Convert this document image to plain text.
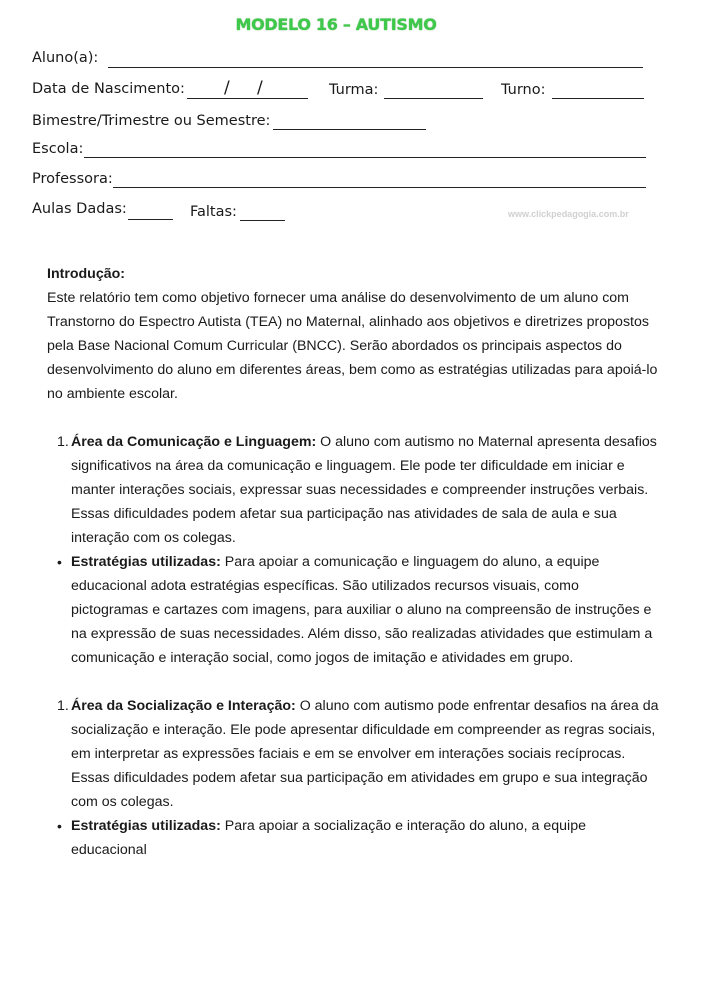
MODELO 16 – AUTISMO
Aluno(a):
Data de Nascimento: / /	Turma:	Turno:
Bimestre/Trimestre ou Semestre:
Escola:
Professora:
Aulas Dadas:	Faltas:	www.clickpedagogia.com.br

Introdução:

Este relatório tem como objetivo fornecer uma análise do desenvolvimento de um aluno com Transtorno do Espectro Autista (TEA) no Maternal, alinhado aos objetivos e diretrizes propostos pela Base Nacional Comum Curricular (BNCC). Serão abordados os principais aspectos do desenvolvimento do aluno em diferentes áreas, bem como as estratégias utilizadas para apoiá-lo no ambiente escolar.

1. Área da Comunicação e Linguagem: O aluno com autismo no Maternal apresenta desafios significativos na área da comunicação e linguagem. Ele pode ter dificuldade em iniciar e manter interações sociais, expressar suas necessidades e compreender instruções verbais. Essas dificuldades podem afetar sua participação nas atividades de sala de aula e sua interação com os colegas.
• Estratégias utilizadas: Para apoiar a comunicação e linguagem do aluno, a equipe educacional adota estratégias específicas. São utilizados recursos visuais, como pictogramas e cartazes com imagens, para auxiliar o aluno na compreensão de instruções e na expressão de suas necessidades. Além disso, são realizadas atividades que estimulam a comunicação e interação social, como jogos de imitação e atividades em grupo.
1. Área da Socialização e Interação: O aluno com autismo pode enfrentar desafios na área da socialização e interação. Ele pode apresentar dificuldade em compreender as regras sociais, em interpretar as expressões faciais e em se envolver em interações sociais recíprocas. Essas dificuldades podem afetar sua participação em atividades em grupo e sua integração com os colegas.
• Estratégias utilizadas: Para apoiar a socialização e interação do aluno, a equipe educacional
